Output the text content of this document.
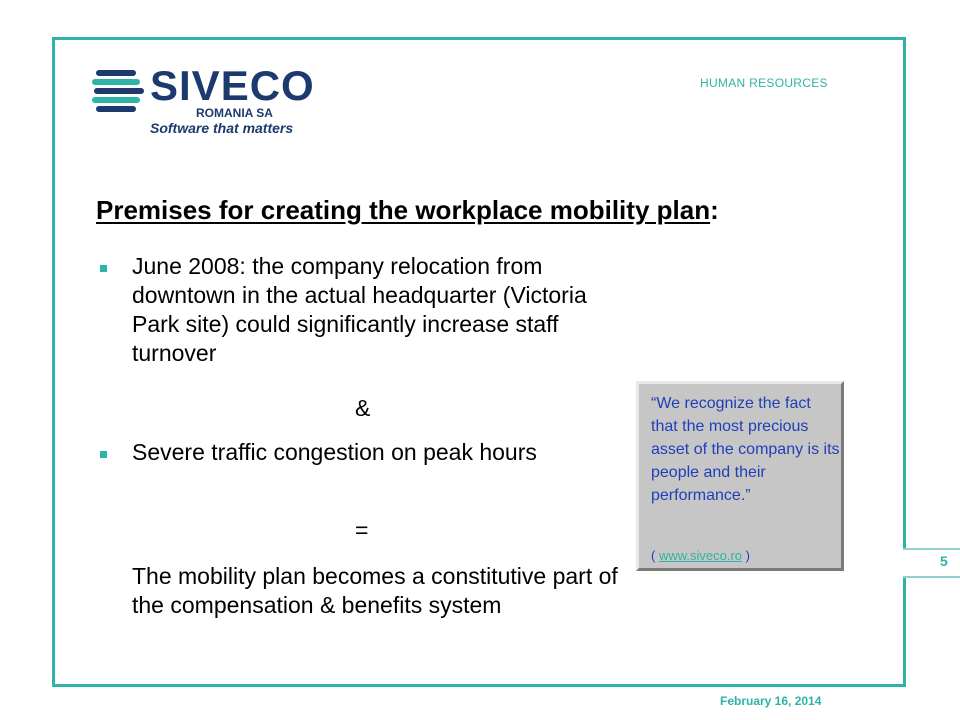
5
SIVECO
ROMANIA SA
Software that matters
HUMAN RESOURCES
Premises for creating the workplace mobility plan:
June 2008: the company relocation from downtown in the actual headquarter (Victoria Park site) could significantly increase staff turnover
&
Severe traffic congestion on peak hours
=
The mobility plan becomes a constitutive part of the compensation & benefits system
“We recognize the fact that the most precious asset of the company is its people and their performance.”
( www.siveco.ro )
February 16, 2014
